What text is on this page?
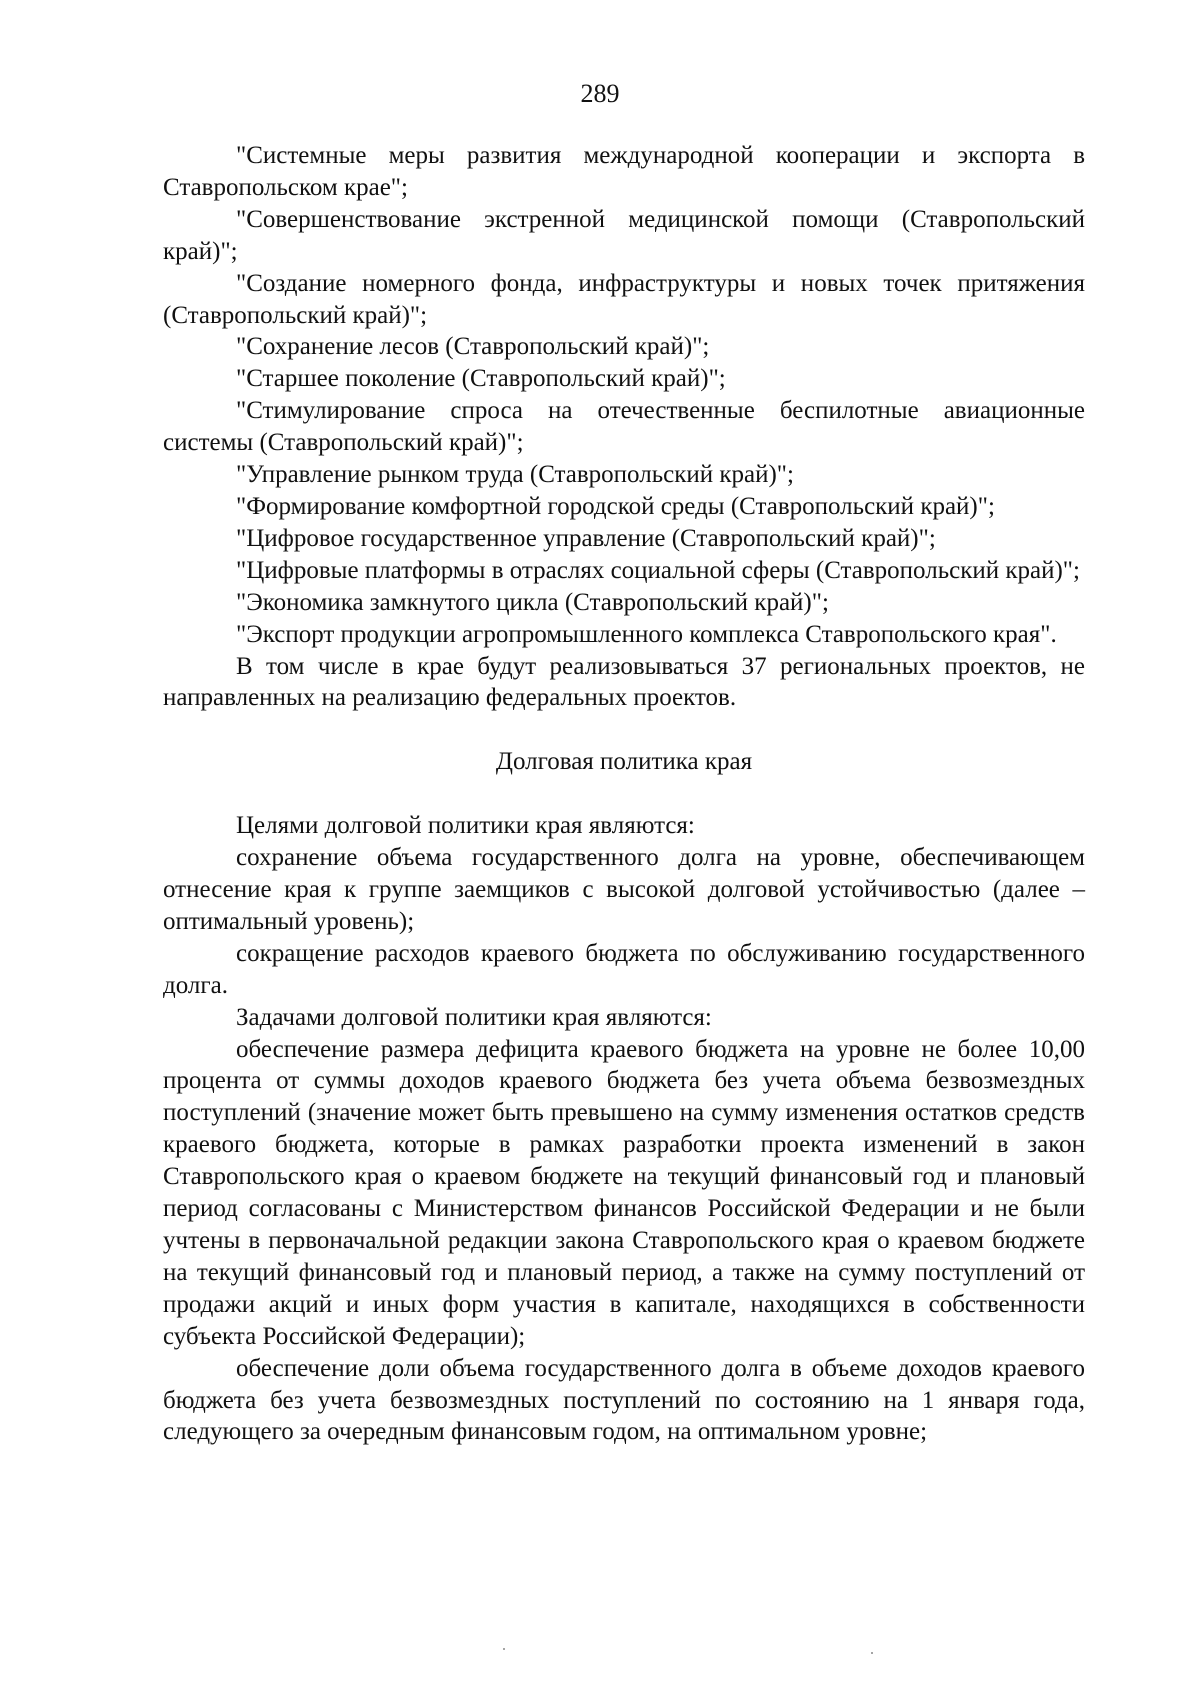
289

"Системные меры развития международной кооперации и экспорта в Ставропольском крае";

"Совершенствование экстренной медицинской помощи (Ставропольский край)";

"Создание номерного фонда, инфраструктуры и новых точек притяжения (Ставропольский край)";

"Сохранение лесов (Ставропольский край)";

"Старшее поколение (Ставропольский край)";

"Стимулирование спроса на отечественные беспилотные авиационные системы (Ставропольский край)";

"Управление рынком труда (Ставропольский край)";

"Формирование комфортной городской среды (Ставропольский край)";

"Цифровое государственное управление (Ставропольский край)";

"Цифровые платформы в отраслях социальной сферы (Ставропольский край)";

"Экономика замкнутого цикла (Ставропольский край)";

"Экспорт продукции агропромышленного комплекса Ставропольского края".

В том числе в крае будут реализовываться 37 региональных проектов, не направленных на реализацию федеральных проектов.

Долговая политика края

Целями долговой политики края являются:

сохранение объема государственного долга на уровне, обеспечивающем отнесение края к группе заемщиков с высокой долговой устойчивостью (далее – оптимальный уровень);

сокращение расходов краевого бюджета по обслуживанию государственного долга.

Задачами долговой политики края являются:

обеспечение размера дефицита краевого бюджета на уровне не более 10,00 процента от суммы доходов краевого бюджета без учета объема безвозмездных поступлений (значение может быть превышено на сумму изменения остатков средств краевого бюджета, которые в рамках разработки проекта изменений в закон Ставропольского края о краевом бюджете на текущий финансовый год и плановый период согласованы с Министерством финансов Российской Федерации и не были учтены в первоначальной редакции закона Ставропольского края о краевом бюджете на текущий финансовый год и плановый период, а также на сумму поступлений от продажи акций и иных форм участия в капитале, находящихся в собственности субъекта Российской Федерации);

обеспечение доли объема государственного долга в объеме доходов краевого бюджета без учета безвозмездных поступлений по состоянию на 1 января года, следующего за очередным финансовым годом, на оптимальном уровне;
